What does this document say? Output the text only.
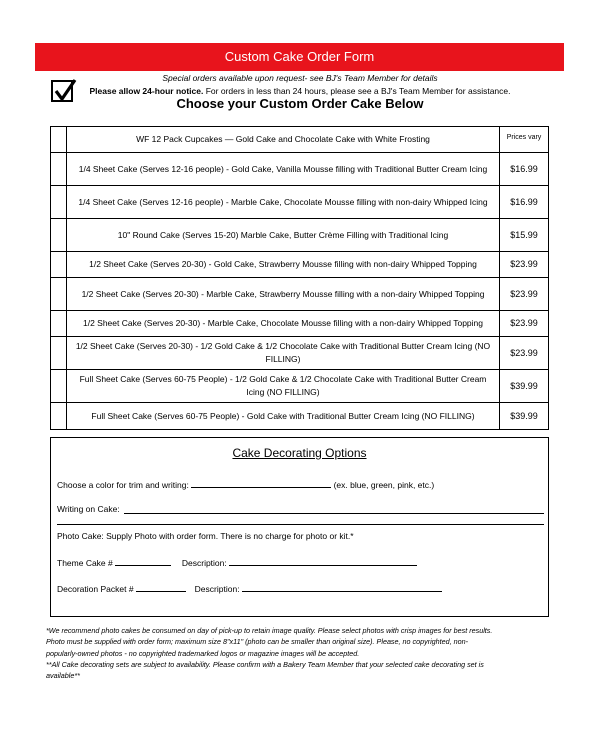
Custom Cake Order Form
Special orders available upon request- see BJ's Team Member for details
Please allow 24-hour notice. For orders in less than 24 hours, please see a BJ's Team Member for assistance.
Choose your Custom Order Cake Below
	WF 12 Pack Cupcakes — Gold Cake and Chocolate Cake with White Frosting	Prices vary
	1/4 Sheet Cake (Serves 12-16 people) - Gold Cake, Vanilla Mousse filling with Traditional Butter Cream Icing	$16.99
	1/4 Sheet Cake (Serves 12-16 people) - Marble Cake, Chocolate Mousse filling with non-dairy Whipped Icing	$16.99
	10" Round Cake (Serves 15-20) Marble Cake, Butter Crème Filling with Traditional Icing	$15.99
	1/2 Sheet Cake (Serves 20-30) - Gold Cake, Strawberry Mousse filling with non-dairy Whipped Topping	$23.99
	1/2 Sheet Cake (Serves 20-30) - Marble Cake, Strawberry Mousse filling with a non-dairy Whipped Topping	$23.99
	1/2 Sheet Cake (Serves 20-30) - Marble Cake, Chocolate Mousse filling with a non-dairy Whipped Topping	$23.99
	1/2 Sheet Cake (Serves 20-30) - 1/2 Gold Cake & 1/2 Chocolate Cake with Traditional Butter Cream Icing (NO FILLING)	$23.99
	Full Sheet Cake (Serves 60-75 People) - 1/2 Gold Cake & 1/2 Chocolate Cake with Traditional Butter Cream Icing (NO FILLING)	$39.99
	Full Sheet Cake (Serves 60-75 People) - Gold Cake with Traditional Butter Cream Icing (NO FILLING)	$39.99
Cake Decorating Options
Choose a color for trim and writing:	(ex. blue, green, pink, etc.)
Writing on Cake:
Photo Cake: Supply Photo with order form. There is no charge for photo or kit.*
Theme Cake #	Description:
Decoration Packet #	Description:
*We recommend photo cakes be consumed on day of pick-up to retain image quality. Please select photos with crisp images for best results.
Photo must be supplied with order form; maximum size 8"x11" (photo can be smaller than original size). Please, no copyrighted, non-
popularly-owned photos - no copyrighted trademarked logos or magazine images will be accepted.
**All Cake decorating sets are subject to availability. Please confirm with a Bakery Team Member that your selected cake decorating set is
available**
